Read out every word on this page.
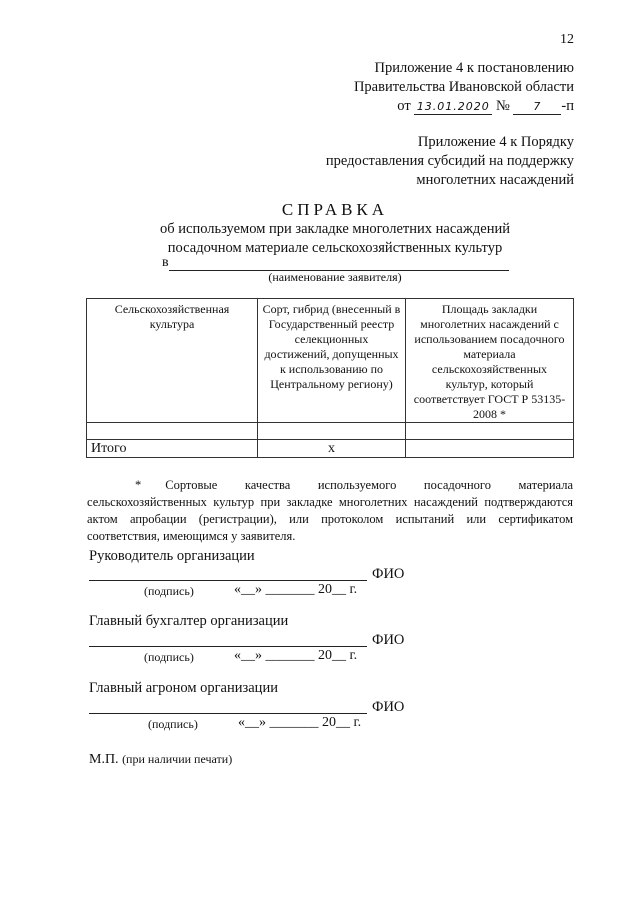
12
Приложение 4 к постановлению
Правительства Ивановской области
от 13.01.2020 № 7 -п
Приложение 4 к Порядку
предоставления субсидий на поддержку
многолетних насаждений
СПРАВКА
об используемом при закладке многолетних насаждений
посадочном материале сельскохозяйственных культур
в
(наименование заявителя)
Сельскохозяйственная культура	Сорт, гибрид (внесенный в Государственный реестр селекционных достижений, допущенных к использованию по Центральному региону)	Площадь закладки многолетних насаждений с использованием посадочного материала сельскохозяйственных культур, который соответствует ГОСТ Р 53135-2008 *

Итого	х	
* Сортовые качества используемого посадочного материала
сельскохозяйственных культур при закладке многолетних насаждений подтверждаются актом апробации (регистрации), или протоколом испытаний или сертификатом соответствия, имеющимся у заявителя.
Руководитель организации
ФИО
(подпись)	«__» _______ 20__ г.
Главный бухгалтер организации
ФИО
(подпись)	«__» _______ 20__ г.
Главный агроном организации
ФИО
(подпись)	«__» _______ 20__ г.
М.П. (при наличии печати)
